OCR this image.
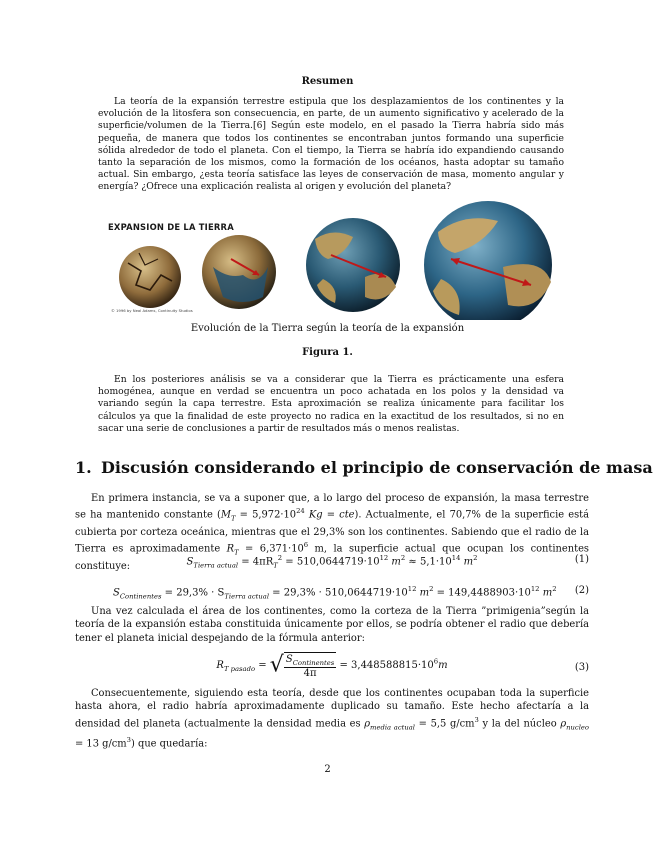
Resumen

La teoría de la expansión terrestre estipula que los desplazamientos de los continentes y la evolución de la litosfera son consecuencia, en parte, de un aumento significativo y acelerado de la superficie/volumen de la Tierra.[6] Según este modelo, en el pasado la Tierra habría sido más pequeña, de manera que todos los continentes se encontraban juntos formando una superficie sólida alrededor de todo el planeta. Con el tiempo, la Tierra se habría ido expandiendo causando tanto la separación de los mismos, como la formación de los océanos, hasta adoptar su tamaño actual. Sin embargo, ¿esta teoría satisface las leyes de conservación de masa, momento angular y energía? ¿Ofrece una explicación realista al origen y evolución del planeta?

EXPANSION DE LA TIERRA
© 1996 by Neal Adams, Continuity Studios
Evolución de la Tierra según la teoría de la expansión
Figura 1.

En los posteriores análisis se va a considerar que la Tierra es prácticamente una esfera homogénea, aunque en verdad se encuentra un poco achatada en los polos y la densidad va variando según la capa terrestre. Esta aproximación se realiza únicamente para facilitar los cálculos ya que la finalidad de este proyecto no radica en la exactitud de los resultados, si no en sacar una serie de conclusiones a partir de resultados más o menos realistas.

1. Discusión considerando el principio de conservación de masa

En primera instancia, se va a suponer que, a lo largo del proceso de expansión, la masa terrestre se ha mantenido constante ($M_T = 5,972\cdot 10^{24}$ Kg = cte). Actualmente, el 70,7% de la superficie está cubierta por corteza oceánica, mientras que el 29,3% son los continentes. Sabiendo que el radio de la Tierra es aproximadamente $R_T = 6,371\cdot 10^6$ m, la superficie actual que ocupan los continentes constituye:	$S_{Tierra actual} = 4\pi R_T^2 = 510,0644719\cdot 10^{12}$ $m^2 \approx 5,1\cdot 10^{14}$ $m^2$	(1)
$S_{Continentes} = 29,3\% \cdot S_{Tierra actual} = 29,3\% \cdot 510,0644719\cdot 10^{12}$ $m^2 = 149,4488903\cdot 10^{12}$ $m^2$	(2)

Una vez calculada el área de los continentes, como la corteza de la Tierra ”primigenia”según la teoría de la expansión estaba constituida únicamente por ellos, se podría obtener el radio que debería tener el planeta inicial despejando de la fórmula anterior:

$R_{T pasado}$ = √ $\frac{S_{Continentes}}{4\pi} = 3,448588815\cdot 10^6m$	(3)

Consecuentemente, siguiendo esta teoría, desde que los continentes ocupaban toda la superficie hasta ahora, el radio habría aproximadamente duplicado su tamaño. Este hecho afectaría a la densidad del planeta (actualmente la densidad media es $\rho_{media actual} = 5,5$ $g/cm^3$ y la del núcleo $\rho_{nucleo} = 13$ $g/cm^3$) que quedaría:

2
